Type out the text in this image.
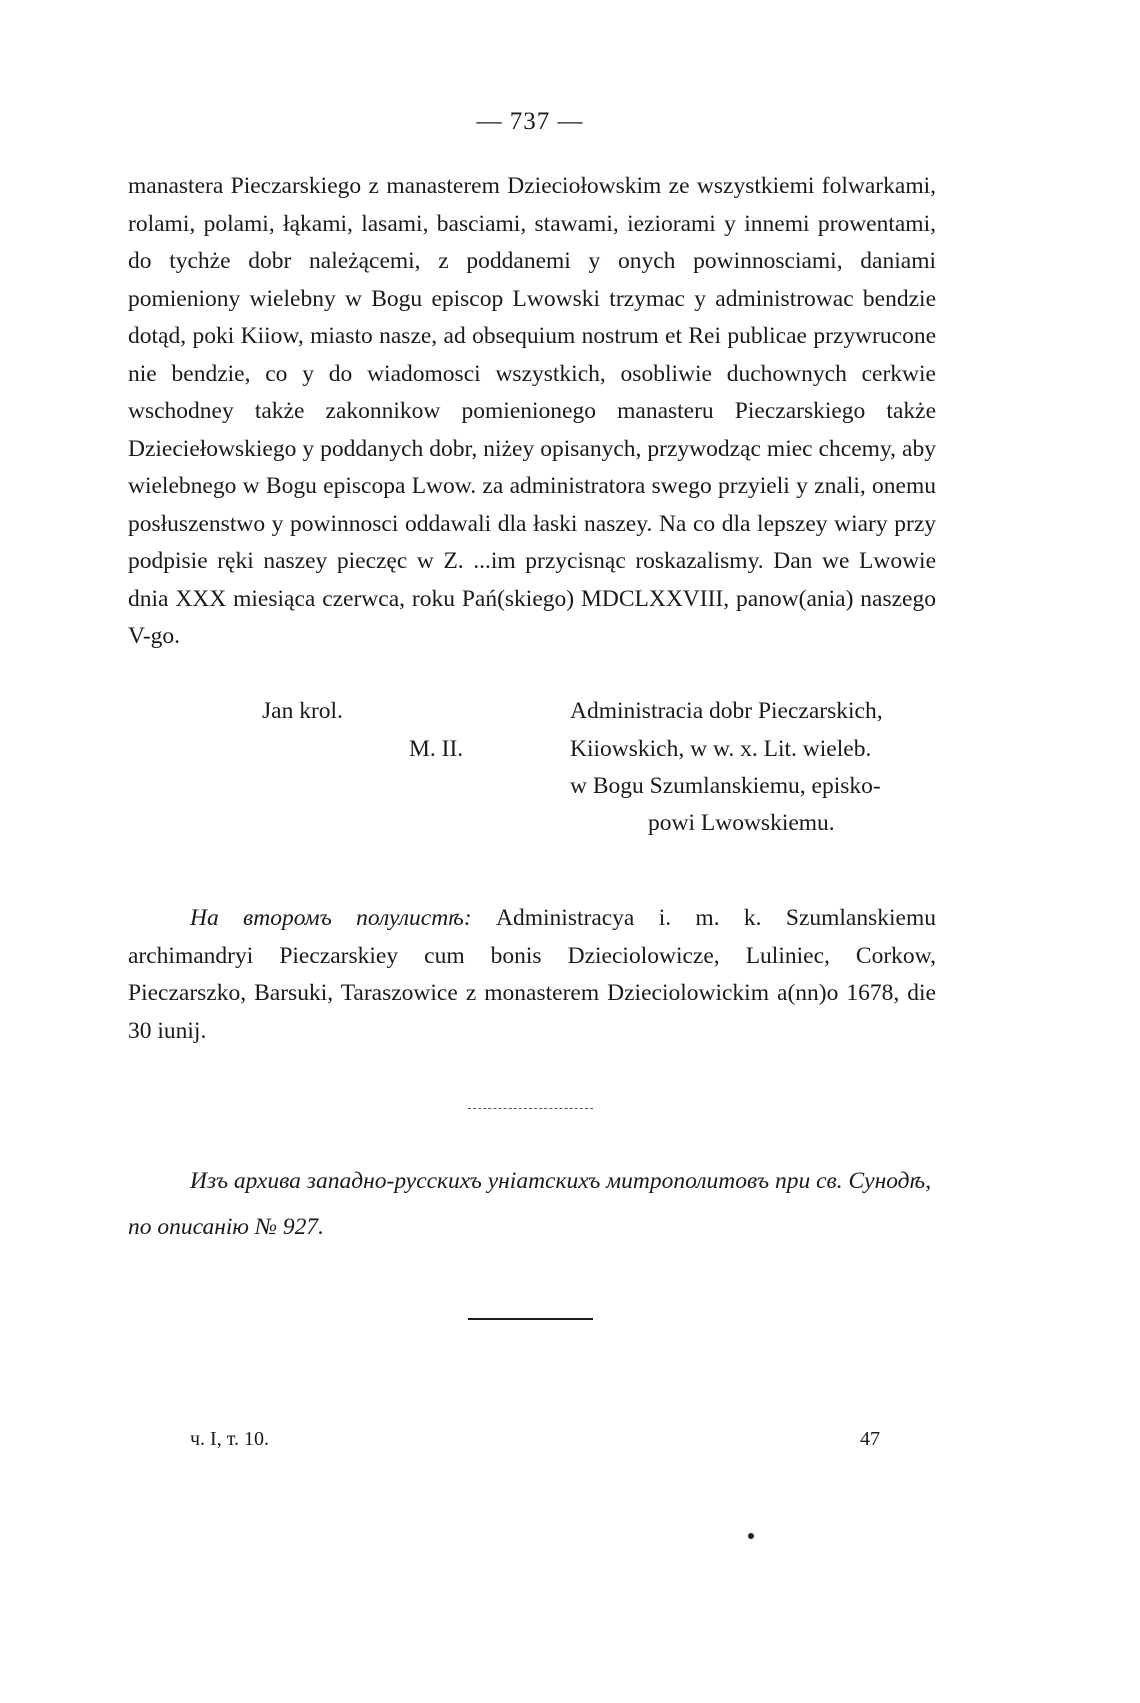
— 737 —

manastera Pieczarskiego z manasterem Dzieciołowskim ze wszystkiemi folwarkami, rolami, polami, łąkami, lasami, basciami, stawami, iezioramі y innemi prowentami, do tychże dobr należącemi, z poddanemi y onych powinnosciami, daniami pomieniony wielebny w Bogu episcop Lwowski trzymac y administrowac bendzie dotąd, poki Kiiow, miasto nasze, ad obsequium nostrum et Rei publicae przywrucone nie bendzie, co y do wiadomosci wszystkich, osobliwie duchownych cerkwie wschodney także zakonnikow pomienionego manasteru Pieczarskiego także Dzieciełowskiego y poddanych dobr, niżey opisanych, przywodząc miec chcemy, aby wielebnego w Bogu episcopa Lwow. za administratora swego przyieli y znali, onemu posłuszenstwo y powinnosci oddawali dla łaski naszey. Na co dla lepszey wiary przy podpisie ręki naszey pieczęc w Z. ...im przycisnąc roskazalismy. Dan we Lwowie dnia XXX miesiąca czerwca, roku Pań(skiego) MDCLXXVIII, panow(ania) naszego V-go.

Jan krol.	Administracia dobr Pieczarskich,
M. II.	Kiiowskich, w w. x. Lit. wieleb.
w Bogu Szumlanskiemu, episko-
powi Lwowskiemu.

На второмъ полулистѣ: Administracya i. m. k. Szumlanskiemu archimandryi Pieczarskiey cum bonis Dzieciolowicze, Luliniec, Corkow, Pieczarszko, Barsuki, Taraszowice z monasterem Dzieciolowickim a(nn)o 1678, die 30 iunij.

Изъ архива западно-русскихъ уніатскихъ митрополитовъ при св. Сунодѣ, по описанію № 927.

ч. I, т. 10.	47
